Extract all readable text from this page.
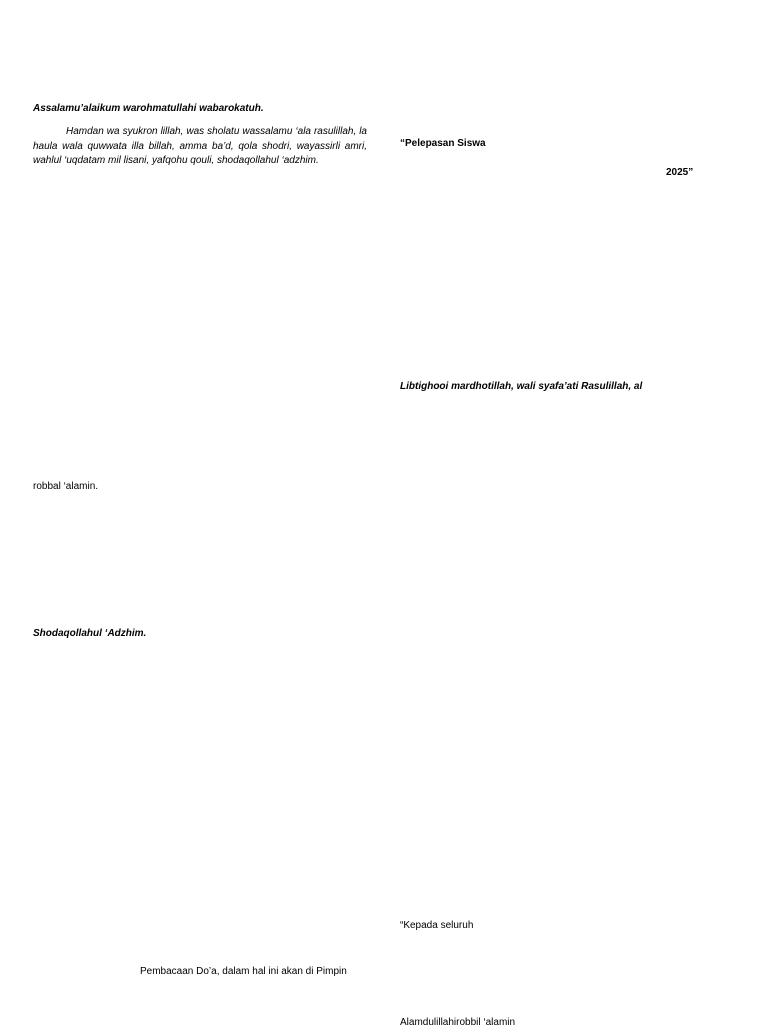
Assalamu’alaikum warohmatullahi wabarokatuh.

Hamdan wa syukron lillah, was sholatu wassalamu ‘ala rasulillah, la haula wala quwwata illa billah, amma ba’d, qola shodri, wayassirli amri, wahlul ‘uqdatam mil lisani, yafqohu qouli, shodaqollahul ‘adzhim.

robbal ‘alamin.

Shodaqollahul ‘Adzhim.

Pembacaan Do’a, dalam hal ini akan di Pimpin

“Pelepasan Siswa

2025”

Libtighooi mardhotillah, wali syafa’ati Rasulillah, al

“Kepada seluruh

Alamdulillahirobbil ‘alamin
